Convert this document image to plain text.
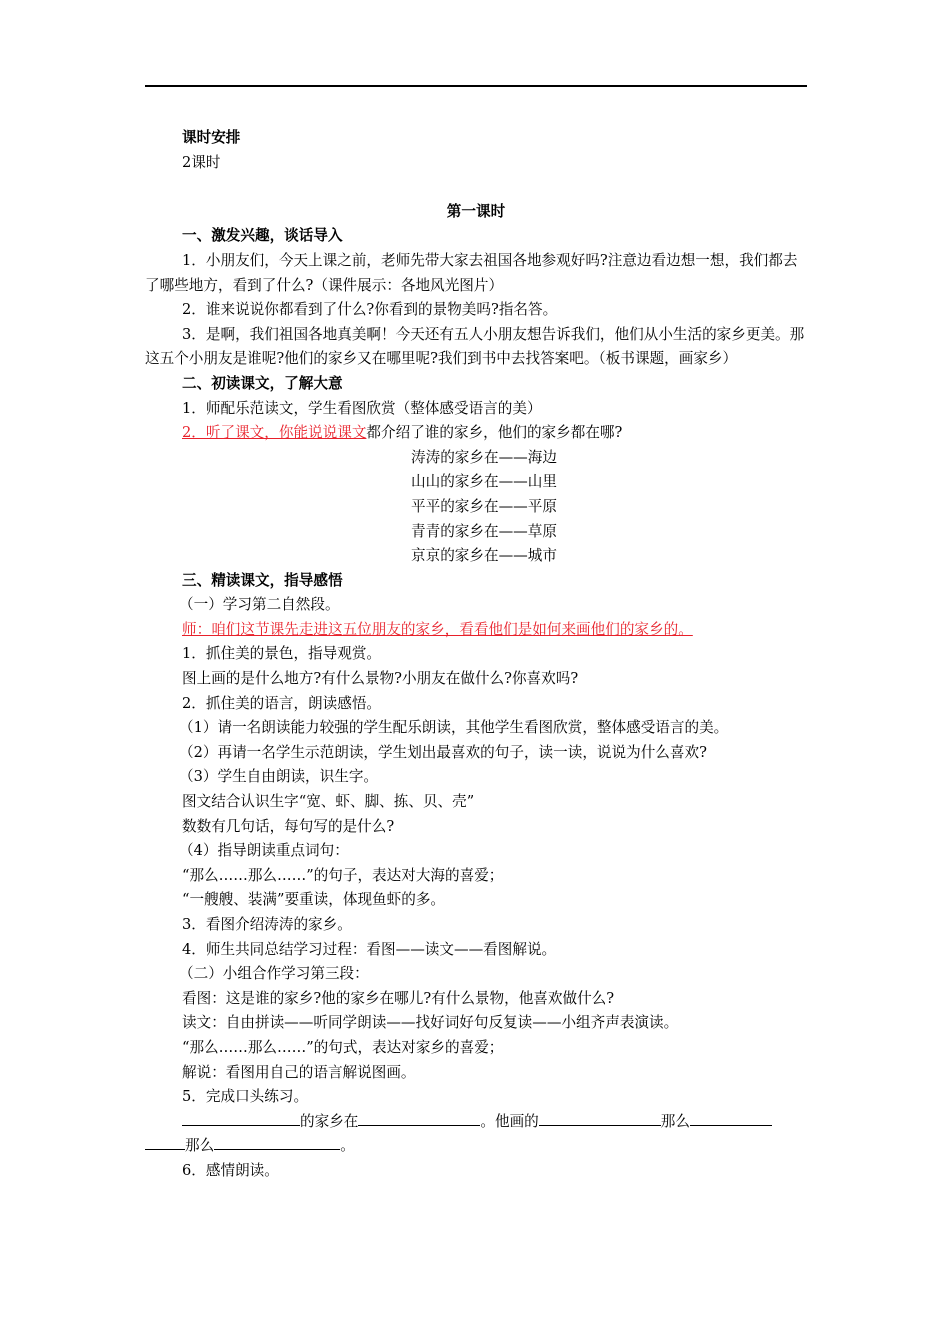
课时安排

2课时

第一课时

一、激发兴趣，谈话导入

1．小朋友们，今天上课之前，老师先带大家去祖国各地参观好吗?注意边看边想一想，我们都去了哪些地方，看到了什么?（课件展示：各地风光图片）

2．谁来说说你都看到了什么?你看到的景物美吗?指名答。

3．是啊，我们祖国各地真美啊！今天还有五人小朋友想告诉我们，他们从小生活的家乡更美。那这五个小朋友是谁呢?他们的家乡又在哪里呢?我们到书中去找答案吧。（板书课题，画家乡）

二、初读课文，了解大意

1．师配乐范读文，学生看图欣赏（整体感受语言的美）

2．听了课文，你能说说课文都介绍了谁的家乡，他们的家乡都在哪?

涛涛的家乡在——海边

山山的家乡在——山里

平平的家乡在——平原

青青的家乡在——草原

京京的家乡在——城市

三、精读课文，指导感悟

（一）学习第二自然段。

师：咱们这节课先走进这五位朋友的家乡，看看他们是如何来画他们的家乡的。

1．抓住美的景色，指导观赏。

图上画的是什么地方?有什么景物?小朋友在做什么?你喜欢吗?

2．抓住美的语言，朗读感悟。

（1）请一名朗读能力较强的学生配乐朗读，其他学生看图欣赏，整体感受语言的美。

（2）再请一名学生示范朗读，学生划出最喜欢的句子，读一读，说说为什么喜欢?

（3）学生自由朗读，识生字。

图文结合认识生字“宽、虾、脚、拣、贝、壳”

数数有几句话，每句写的是什么?

（4）指导朗读重点词句：

“那么……那么……”的句子，表达对大海的喜爱；

“一艘艘、装满”要重读，体现鱼虾的多。

3．看图介绍涛涛的家乡。

4．师生共同总结学习过程：看图——读文——看图解说。

（二）小组合作学习第三段：

看图：这是谁的家乡?他的家乡在哪儿?有什么景物，他喜欢做什么?

读文：自由拼读——听同学朗读——找好词好句反复读——小组齐声表演读。

“那么……那么……”的句式，表达对家乡的喜爱；

解说：看图用自己的语言解说图画。

5．完成口头练习。

的家乡在	。他画的	那么

那么	。

6．感情朗读。
